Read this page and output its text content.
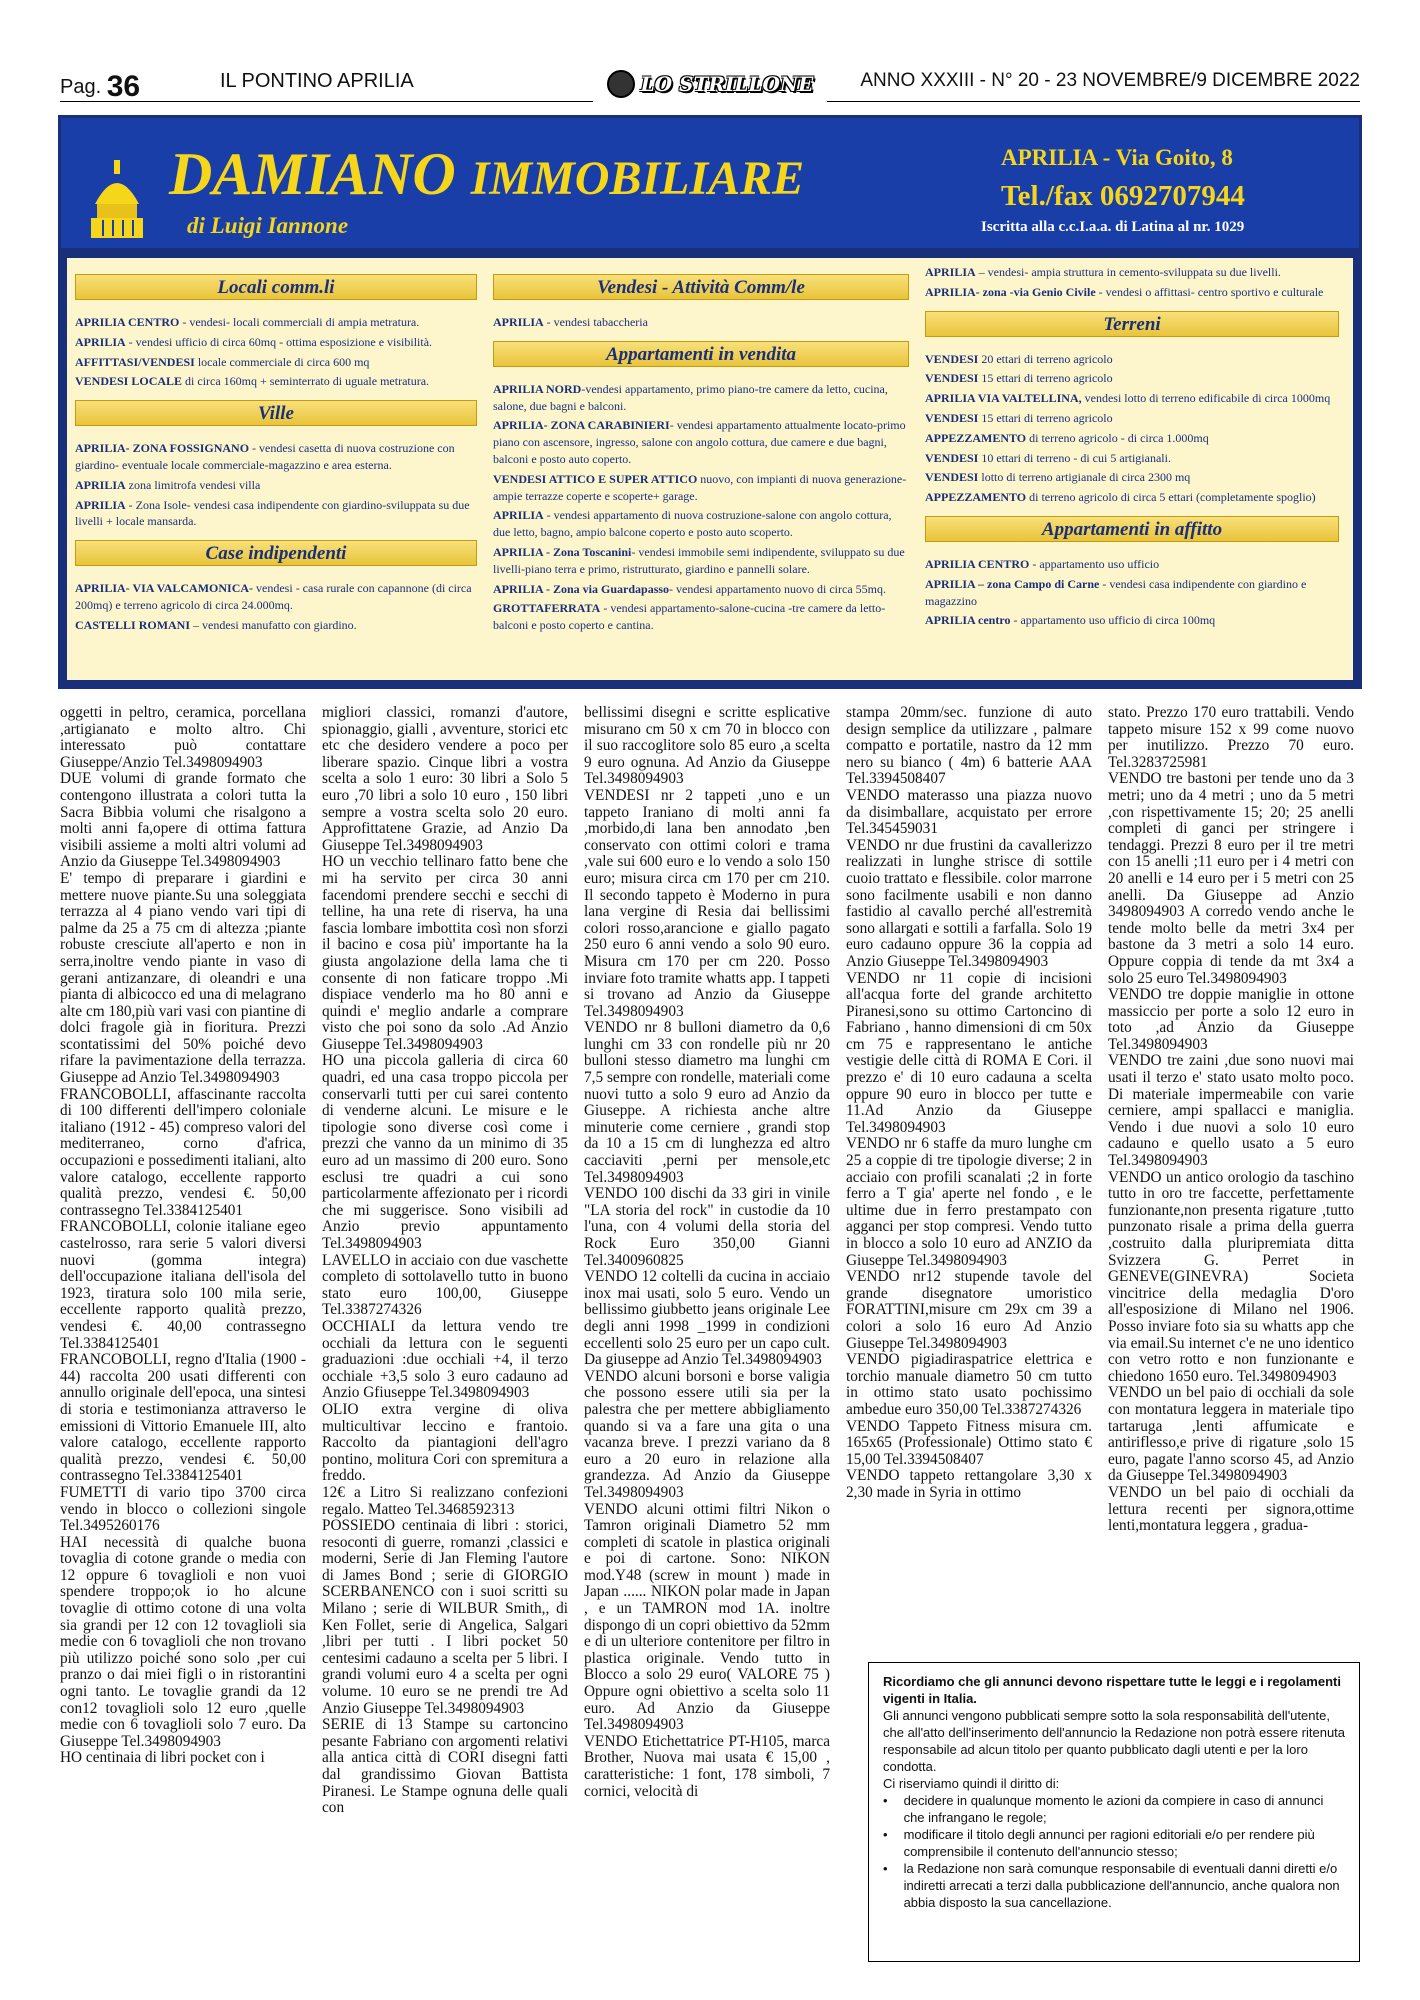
Pag. 36	IL PONTINO APRILIA	ANNO XXXIII - N° 20 - 23 NOVEMBRE/9 DICEMBRE 2022
LO STRILLONE
DAMIANO IMMOBILIARE
di Luigi Iannone
APRILIA - Via Goito, 8
Tel./fax 0692707944
Iscritta alla c.c.I.a.a. di Latina al nr. 1029
Locali comm.li

APRILIA CENTRO - vendesi- locali commerciali di ampia metratura.

APRILIA - vendesi ufficio di circa 60mq - ottima esposizione e visibilità.

AFFITTASI/VENDESI locale commerciale di circa 600 mq

VENDESI LOCALE di circa 160mq + seminterrato di uguale metratura.

Ville

APRILIA- ZONA FOSSIGNANO - vendesi casetta di nuova costruzione con giardino- eventuale locale commerciale-magazzino e area esterna.

APRILIA zona limitrofa vendesi villa

APRILIA - Zona Isole- vendesi casa indipendente con giardino-sviluppata su due livelli + locale mansarda.

Case indipendenti

APRILIA- VIA VALCAMONICA- vendesi - casa rurale con capannone (di circa 200mq) e terreno agricolo di circa 24.000mq.

CASTELLI ROMANI – vendesi manufatto con giardino.

Vendesi - Attività Comm/le

APRILIA - vendesi tabaccheria

Appartamenti in vendita

APRILIA NORD-vendesi appartamento, primo piano-tre camere da letto, cucina, salone, due bagni e balconi.

APRILIA- ZONA CARABINIERI- vendesi appartamento attualmente locato-primo piano con ascensore, ingresso, salone con angolo cottura, due camere e due bagni, balconi e posto auto coperto.

VENDESI ATTICO E SUPER ATTICO nuovo, con impianti di nuova generazione-ampie terrazze coperte e scoperte+ garage.

APRILIA - vendesi appartamento di nuova costruzione-salone con angolo cottura, due letto, bagno, ampio balcone coperto e posto auto scoperto.

APRILIA - Zona Toscanini- vendesi immobile semi indipendente, sviluppato su due livelli-piano terra e primo, ristrutturato, giardino e pannelli solare.

APRILIA - Zona via Guardapasso- vendesi appartamento nuovo di circa 55mq.

GROTTAFERRATA - vendesi appartamento-salone-cucina -tre camere da letto- balconi e posto coperto e cantina.

APRILIA – vendesi- ampia struttura in cemento-sviluppata su due livelli.

APRILIA- zona -via Genio Civile - vendesi o affittasi- centro sportivo e culturale

Terreni

VENDESI 20 ettari di terreno agricolo

VENDESI 15 ettari di terreno agricolo

APRILIA VIA VALTELLINA, vendesi lotto di terreno edificabile di circa 1000mq

VENDESI 15 ettari di terreno agricolo

APPEZZAMENTO di terreno agricolo - di circa 1.000mq

VENDESI 10 ettari di terreno - di cui 5 artigianali.

VENDESI lotto di terreno artigianale di circa 2300 mq

APPEZZAMENTO di terreno agricolo di circa 5 ettari (completamente spoglio)

Appartamenti in affitto

APRILIA CENTRO - appartamento uso ufficio

APRILIA – zona Campo di Carne - vendesi casa indipendente con giardino e magazzino

APRILIA centro - appartamento uso ufficio di circa 100mq

oggetti in peltro, ceramica, porcellana ,artigianato e molto altro. Chi interessato può contattare Giuseppe/Anzio Tel.3498094903
DUE volumi di grande formato che contengono illustrata a colori tutta la Sacra Bibbia volumi che risalgono a molti anni fa,opere di ottima fattura visibili assieme a molti altri volumi ad Anzio da Giuseppe Tel.3498094903
E' tempo di preparare i giardini e mettere nuove piante.Su una soleggiata terrazza al 4 piano vendo vari tipi di palme da 25 a 75 cm di altezza ;piante robuste cresciute all'aperto e non in serra,inoltre vendo piante in vaso di gerani antizanzare, di oleandri e una pianta di albicocco ed una di melagrano alte cm 180,più vari vasi con piantine di dolci fragole già in fioritura. Prezzi scontatissimi del 50% poiché devo rifare la pavimentazione della terrazza. Giuseppe ad Anzio Tel.3498094903
FRANCOBOLLI, affascinante raccolta di 100 differenti dell'impero coloniale italiano (1912 - 45) compreso valori del mediterraneo, corno d'africa, occupazioni e possedimenti italiani, alto valore catalogo, eccellente rapporto qualità prezzo, vendesi €. 50,00 contrassegno Tel.3384125401
FRANCOBOLLI, colonie italiane egeo castelrosso, rara serie 5 valori diversi nuovi (gomma integra) dell'occupazione italiana dell'isola del 1923, tiratura solo 100 mila serie, eccellente rapporto qualità prezzo, vendesi €. 40,00 contrassegno Tel.3384125401
FRANCOBOLLI, regno d'Italia (1900 - 44) raccolta 200 usati differenti con annullo originale dell'epoca, una sintesi di storia e testimonianza attraverso le emissioni di Vittorio Emanuele III, alto valore catalogo, eccellente rapporto qualità prezzo, vendesi €. 50,00 contrassegno Tel.3384125401
FUMETTI di vario tipo 3700 circa vendo in blocco o collezioni singole Tel.3495260176
HAI necessità di qualche buona tovaglia di cotone grande o media con 12 oppure 6 tovaglioli e non vuoi spendere troppo;ok io ho alcune tovaglie di ottimo cotone di una volta sia grandi per 12 con 12 tovaglioli sia medie con 6 tovaglioli che non trovano più utilizzo poiché sono solo ,per cui pranzo o dai miei figli o in ristorantini ogni tanto. Le tovaglie grandi da 12 con12 tovaglioli solo 12 euro ,quelle medie con 6 tovaglioli solo 7 euro. Da Giuseppe Tel.3498094903
HO centinaia di libri pocket con i

migliori classici, romanzi d'autore, spionaggio, gialli , avventure, storici etc etc che desidero vendere a poco per liberare spazio. Cinque libri a vostra scelta a solo 1 euro: 30 libri a Solo 5 euro ,70 libri a solo 10 euro , 150 libri sempre a vostra scelta solo 20 euro. Approfittatene Grazie, ad Anzio Da Giuseppe Tel.3498094903
HO un vecchio tellinaro fatto bene che mi ha servito per circa 30 anni facendomi prendere secchi e secchi di telline, ha una rete di riserva, ha una fascia lombare imbottita così non sforzi il bacino e cosa più' importante ha la giusta angolazione della lama che ti consente di non faticare troppo .Mi dispiace venderlo ma ho 80 anni e quindi e' meglio andarle a comprare visto che poi sono da solo .Ad Anzio Giuseppe Tel.3498094903
HO una piccola galleria di circa 60 quadri, ed una casa troppo piccola per conservarli tutti per cui sarei contento di venderne alcuni. Le misure e le tipologie sono diverse così come i prezzi che vanno da un minimo di 35 euro ad un massimo di 200 euro. Sono esclusi tre quadri a cui sono particolarmente affezionato per i ricordi che mi suggerisce. Sono visibili ad Anzio previo appuntamento Tel.3498094903
LAVELLO in acciaio con due vaschette completo di sottolavello tutto in buono stato euro 100,00, Giuseppe Tel.3387274326
OCCHIALI da lettura vendo tre occhiali da lettura con le seguenti graduazioni :due occhiali +4, il terzo occhiale +3,5 solo 3 euro cadauno ad Anzio Gfiuseppe Tel.3498094903
OLIO extra vergine di oliva multicultivar leccino e frantoio. Raccolto da piantagioni dell'agro pontino, molitura Cori con spremitura a freddo.
12€ a Litro Si realizzano confezioni regalo. Matteo Tel.3468592313
POSSIEDO centinaia di libri : storici, resoconti di guerre, romanzi ,classici e moderni, Serie di Jan Fleming l'autore di James Bond ; serie di GIORGIO SCERBANENCO con i suoi scritti su Milano ; serie di WILBUR Smith,, di Ken Follet, serie di Angelica, Salgari ,libri per tutti . I libri pocket 50 centesimi cadauno a scelta per 5 libri. I grandi volumi euro 4 a scelta per ogni volume. 10 euro se ne prendi tre Ad Anzio Giuseppe Tel.3498094903
SERIE di 13 Stampe su cartoncino pesante Fabriano con argomenti relativi alla antica città di CORI disegni fatti dal grandissimo Giovan Battista Piranesi. Le Stampe ognuna delle quali con

bellissimi disegni e scritte esplicative misurano cm 50 x cm 70 in blocco con il suo raccoglitore solo 85 euro ,a scelta 9 euro ognuna. Ad Anzio da Giuseppe Tel.3498094903
VENDESI nr 2 tappeti ,uno e un tappeto Iraniano di molti anni fa ,morbido,di lana ben annodato ,ben conservato con ottimi colori e trama ,vale sui 600 euro e lo vendo a solo 150 euro; misura circa cm 170 per cm 210. Il secondo tappeto è Moderno in pura lana vergine di Resia dai bellissimi colori rosso,arancione e giallo pagato 250 euro 6 anni vendo a solo 90 euro. Misura cm 170 per cm 220. Posso inviare foto tramite whatts app. I tappeti si trovano ad Anzio da Giuseppe Tel.3498094903
VENDO nr 8 bulloni diametro da 0,6 lunghi cm 33 con rondelle più nr 20 bulloni stesso diametro ma lunghi cm 7,5 sempre con rondelle, materiali come nuovi tutto a solo 9 euro ad Anzio da Giuseppe. A richiesta anche altre minuterie come cerniere , grandi stop da 10 a 15 cm di lunghezza ed altro cacciaviti ,perni per mensole,etc Tel.3498094903
VENDO 100 dischi da 33 giri in vinile "LA storia del rock" in custodie da 10 l'una, con 4 volumi della storia del Rock Euro 350,00 Gianni Tel.3400960825
VENDO 12 coltelli da cucina in acciaio inox mai usati, solo 5 euro. Vendo un bellissimo giubbetto jeans originale Lee degli anni 1998 _1999 in condizioni eccellenti solo 25 euro per un capo cult. Da giuseppe ad Anzio Tel.3498094903
VENDO alcuni borsoni e borse valigia che possono essere utili sia per la palestra che per mettere abbigliamento quando si va a fare una gita o una vacanza breve. I prezzi variano da 8 euro a 20 euro in relazione alla grandezza. Ad Anzio da Giuseppe Tel.3498094903
VENDO alcuni ottimi filtri Nikon o Tamron originali Diametro 52 mm completi di scatole in plastica originali e poi di cartone. Sono: NIKON mod.Y48 (screw in mount ) made in Japan ...... NIKON polar made in Japan , e un TAMRON mod 1A. inoltre dispongo di un copri obiettivo da 52mm e di un ulteriore contenitore per filtro in plastica originale. Vendo tutto in Blocco a solo 29 euro( VALORE 75 ) Oppure ogni obiettivo a scelta solo 11 euro. Ad Anzio da Giuseppe Tel.3498094903
VENDO Etichettatrice PT-H105, marca Brother, Nuova mai usata € 15,00 , caratteristiche: 1 font, 178 simboli, 7 cornici, velocità di

stampa 20mm/sec. funzione di auto design semplice da utilizzare , palmare compatto e portatile, nastro da 12 mm nero su bianco ( 4m) 6 batterie AAA Tel.3394508407
VENDO materasso una piazza nuovo da disimballare, acquistato per errore Tel.345459031
VENDO nr due frustini da cavallerizzo realizzati in lunghe strisce di sottile cuoio trattato e flessibile. color marrone sono facilmente usabili e non danno fastidio al cavallo perché all'estremità sono allargati e sottili a farfalla. Solo 19 euro cadauno oppure 36 la coppia ad Anzio Giuseppe Tel.3498094903
VENDO nr 11 copie di incisioni all'acqua forte del grande architetto Piranesi,sono su ottimo Cartoncino di Fabriano , hanno dimensioni di cm 50x cm 75 e rappresentano le antiche vestigie delle città di ROMA E Cori. il prezzo e' di 10 euro cadauna a scelta oppure 90 euro in blocco per tutte e 11.Ad Anzio da Giuseppe Tel.3498094903
VENDO nr 6 staffe da muro lunghe cm 25 a coppie di tre tipologie diverse; 2 in acciaio con profili scanalati ;2 in forte ferro a T gia' aperte nel fondo , e le ultime due in ferro prestampato con agganci per stop compresi. Vendo tutto in blocco a solo 10 euro ad ANZIO da Giuseppe Tel.3498094903
VENDO nr12 stupende tavole del grande disegnatore umoristico FORATTINI,misure cm 29x cm 39 a colori a solo 16 euro Ad Anzio Giuseppe Tel.3498094903
VENDO pigiadiraspatrice elettrica e torchio manuale diametro 50 cm tutto in ottimo stato usato pochissimo ambedue euro 350,00 Tel.3387274326
VENDO Tappeto Fitness misura cm. 165x65 (Professionale) Ottimo stato € 15,00 Tel.3394508407
VENDO tappeto rettangolare 3,30 x 2,30 made in Syria in ottimo

stato. Prezzo 170 euro trattabili. Vendo tappeto misure 152 x 99 come nuovo per inutilizzo. Prezzo 70 euro. Tel.3283725981
VENDO tre bastoni per tende uno da 3 metri; uno da 4 metri ; uno da 5 metri ,con rispettivamente 15; 20; 25 anelli completi di ganci per stringere i tendaggi. Prezzi 8 euro per il tre metri con 15 anelli ;11 euro per i 4 metri con 20 anelli e 14 euro per i 5 metri con 25 anelli. Da Giuseppe ad Anzio 3498094903 A corredo vendo anche le tende molto belle da metri 3x4 per bastone da 3 metri a solo 14 euro. Oppure coppia di tende da mt 3x4 a solo 25 euro Tel.3498094903
VENDO tre doppie maniglie in ottone massiccio per porte a solo 12 euro in toto ,ad Anzio da Giuseppe Tel.3498094903
VENDO tre zaini ,due sono nuovi mai usati il terzo e' stato usato molto poco. Di materiale impermeabile con varie cerniere, ampi spallacci e maniglia. Vendo i due nuovi a solo 10 euro cadauno e quello usato a 5 euro Tel.3498094903
VENDO un antico orologio da taschino tutto in oro tre faccette, perfettamente funzionante,non presenta rigature ,tutto punzonato risale a prima della guerra ,costruito dalla pluripremiata ditta Svizzera G. Perret in GENEVE(GINEVRA) Societa vincitrice della medaglia D'oro all'esposizione di Milano nel 1906. Posso inviare foto sia su whatts app che via email.Su internet c'e ne uno identico con vetro rotto e non funzionante e chiedono 1650 euro. Tel.3498094903
VENDO un bel paio di occhiali da sole con montatura leggera in materiale tipo tartaruga ,lenti affumicate e antiriflesso,e prive di rigature ,solo 15 euro, pagate l'anno scorso 45, ad Anzio da Giuseppe Tel.3498094903
VENDO un bel paio di occhiali da lettura recenti per signora,ottime lenti,montatura leggera , gradua-

Ricordiamo che gli annunci devono rispettare tutte le leggi e i regolamenti vigenti in Italia.
Gli annunci vengono pubblicati sempre sotto la sola responsabilità dell'utente, che all'atto dell'inserimento dell'annuncio la Redazione non potrà essere ritenuta responsabile ad alcun titolo per quanto pubblicato dagli utenti e per la loro condotta.
Ci riserviamo quindi il diritto di:
• decidere in qualunque momento le azioni da compiere in caso di annunci che infrangano le regole;
• modificare il titolo degli annunci per ragioni editoriali e/o per rendere più comprensibile il contenuto dell'annuncio stesso;
• la Redazione non sarà comunque responsabile di eventuali danni diretti e/o indiretti arrecati a terzi dalla pubblicazione dell'annuncio, anche qualora non abbia disposto la sua cancellazione.
